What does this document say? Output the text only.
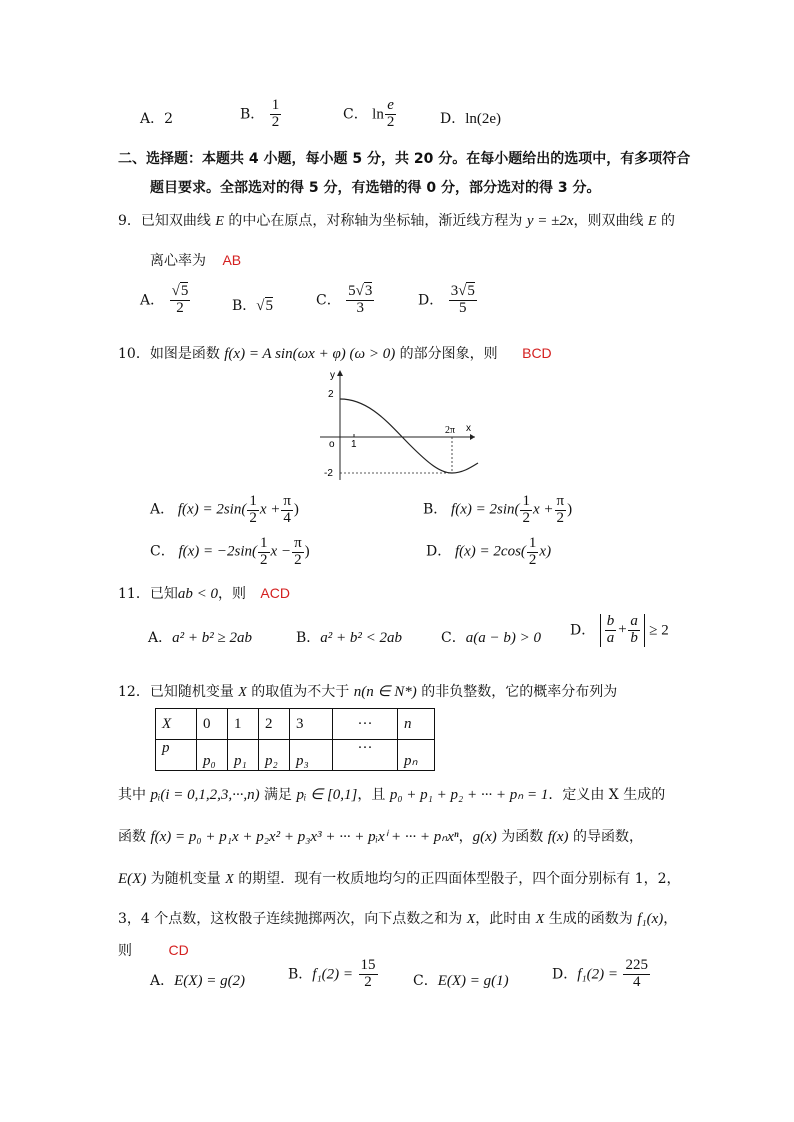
A．2	B． $\frac{1}{2}$	C． $\ln \frac{e}{2}$	D．ln(2e)
二、选择题：本题共 4 小题，每小题 5 分，共 20 分。在每小题给出的选项中，有多项符合
题目要求。全部选对的得 5 分，有选错的得 0 分，部分选对的得 3 分。
9．已知双曲线 E 的中心在原点，对称轴为坐标轴，渐近线方程为 y = ±2x，则双曲线 E 的
离心率为 AB
A． $\frac{√5}{2}$	B．√5	C． $\frac{5√3}{3}$	D． $\frac{3√5}{5}$
10．如图是函数 f(x) = A sin(ωx + φ) (ω > 0) 的部分图象，则 BCD
y
x
o 1
2π
2
-2
A． $f(x) = 2\sin( \frac{1}{2}$ $x + \frac{\pi}{4}$ )	B． $f(x) = 2\sin( \frac{1}{2}$ $x + \frac{\pi}{2}$ )
C． $f(x) = -2\sin( \frac{1}{2}$ $x - \frac{\pi}{2}$ )	D． $f(x) = 2\cos( \frac{1}{2} x)$
11．已知ab < 0，则 ACD
A．a² + b² ≥ 2ab	B．a² + b² < 2ab	C．a(a − b) > 0 D． $\frac{b}{a} + \frac{a}{b} \ge 2$
12．已知随机变量 X 的取值为不大于 n(n ∈ N*) 的非负整数，它的概率分布列为
X	0	1	2	3	···	n
p	p₀	p₁	p₂	p₃	···	pₙ
其中 pᵢ(i = 0,1,2,3,···,n) 满足 pᵢ ∈ [0,1]，且 p₀ + p₁ + p₂ + ··· + pₙ = 1．定义由 X 生成的
函数 f(x) = p₀ + p₁x + p₂x² + p₃x³ + ··· + pᵢxⁱ + ··· + pₙxⁿ，g(x) 为函数 f(x) 的导函数，
E(X) 为随机变量 X 的期望．现有一枚质地均匀的正四面体型骰子，四个面分别标有 1，2，
3，4 个点数，这枚骰子连续抛掷两次，向下点数之和为 X，此时由 X 生成的函数为 f₁(x)，
则	CD
A．E(X) = g(2)	B．$f_1(2) = \frac{15}{2}$	C．E(X) = g(1)	D．$f_1(2) = \frac{225}{4}$
